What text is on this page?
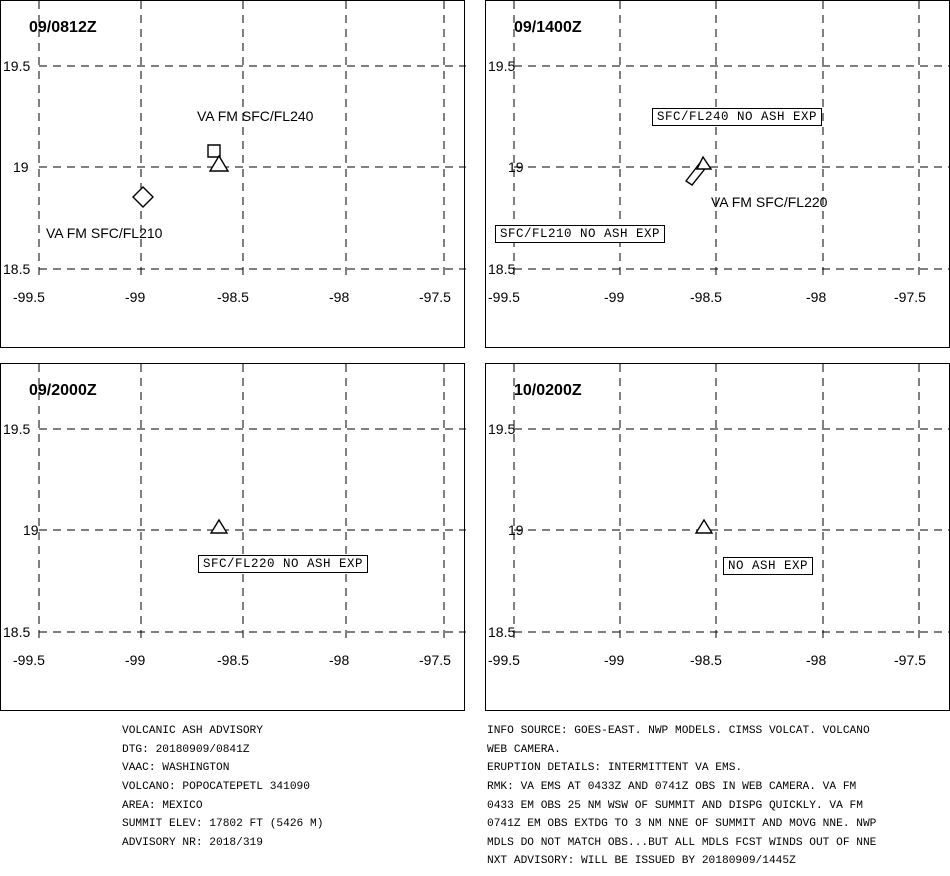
09/0812Z
19.5
19
18.5
-99.5	-99	-98.5	-98	-97.5
VA FM SFC/FL240
VA FM SFC/FL210
09/1400Z
19.5
19
18.5
-99.5	-99	-98.5	-98	-97.5
VA FM SFC/FL220
SFC/FL240 NO ASH EXP
SFC/FL210 NO ASH EXP
09/2000Z
19.5
19
18.5
-99.5	-99	-98.5	-98	-97.5
SFC/FL220 NO ASH EXP
10/0200Z
19.5
19
18.5
-99.5	-99	-98.5	-98	-97.5
NO ASH EXP

VOLCANIC ASH ADVISORY

DTG: 20180909/0841Z

VAAC: WASHINGTON

VOLCANO: POPOCATEPETL 341090

AREA: MEXICO

SUMMIT ELEV: 17802 FT (5426 M)

ADVISORY NR: 2018/319

INFO SOURCE: GOES-EAST. NWP MODELS. CIMSS VOLCAT. VOLCANO

WEB CAMERA.

ERUPTION DETAILS: INTERMITTENT VA EMS.

RMK: VA EMS AT 0433Z AND 0741Z OBS IN WEB CAMERA. VA FM

0433 EM OBS 25 NM WSW OF SUMMIT AND DISPG QUICKLY. VA FM

0741Z EM OBS EXTDG TO 3 NM NNE OF SUMMIT AND MOVG NNE. NWP

MDLS DO NOT MATCH OBS...BUT ALL MDLS FCST WINDS OUT OF NNE

NXT ADVISORY: WILL BE ISSUED BY 20180909/1445Z
